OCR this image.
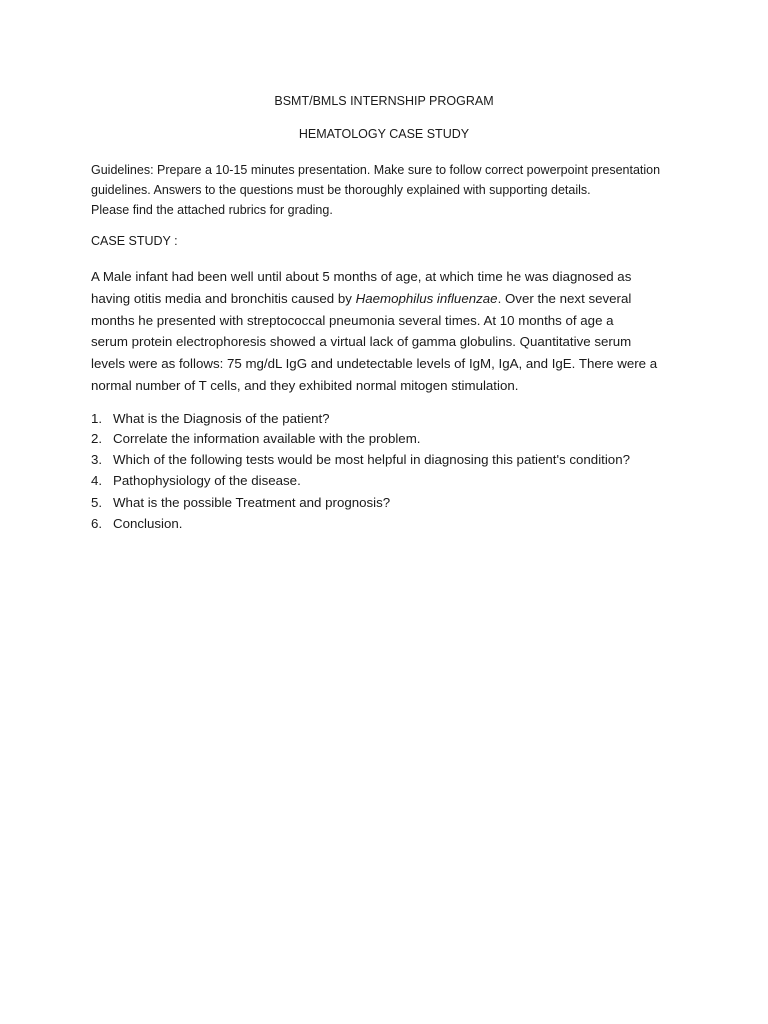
BSMT/BMLS INTERNSHIP PROGRAM
HEMATOLOGY CASE STUDY
Guidelines: Prepare a 10-15 minutes presentation. Make sure to follow correct powerpoint presentation
guidelines. Answers to the questions must be thoroughly explained with supporting details.
Please find the attached rubrics for grading.
CASE STUDY :
A Male infant had been well until about 5 months of age, at which time he was diagnosed as
having otitis media and bronchitis caused by Haemophilus influenzae. Over the next several
months he presented with streptococcal pneumonia several times. At 10 months of age a
serum protein electrophoresis showed a virtual lack of gamma globulins. Quantitative serum
levels were as follows: 75 mg/dL IgG and undetectable levels of IgM, IgA, and IgE. There were a
normal number of T cells, and they exhibited normal mitogen stimulation.
1. What is the Diagnosis of the patient?
2. Correlate the information available with the problem.
3. Which of the following tests would be most helpful in diagnosing this patient's condition?
4. Pathophysiology of the disease.
5. What is the possible Treatment and prognosis?
6. Conclusion.
